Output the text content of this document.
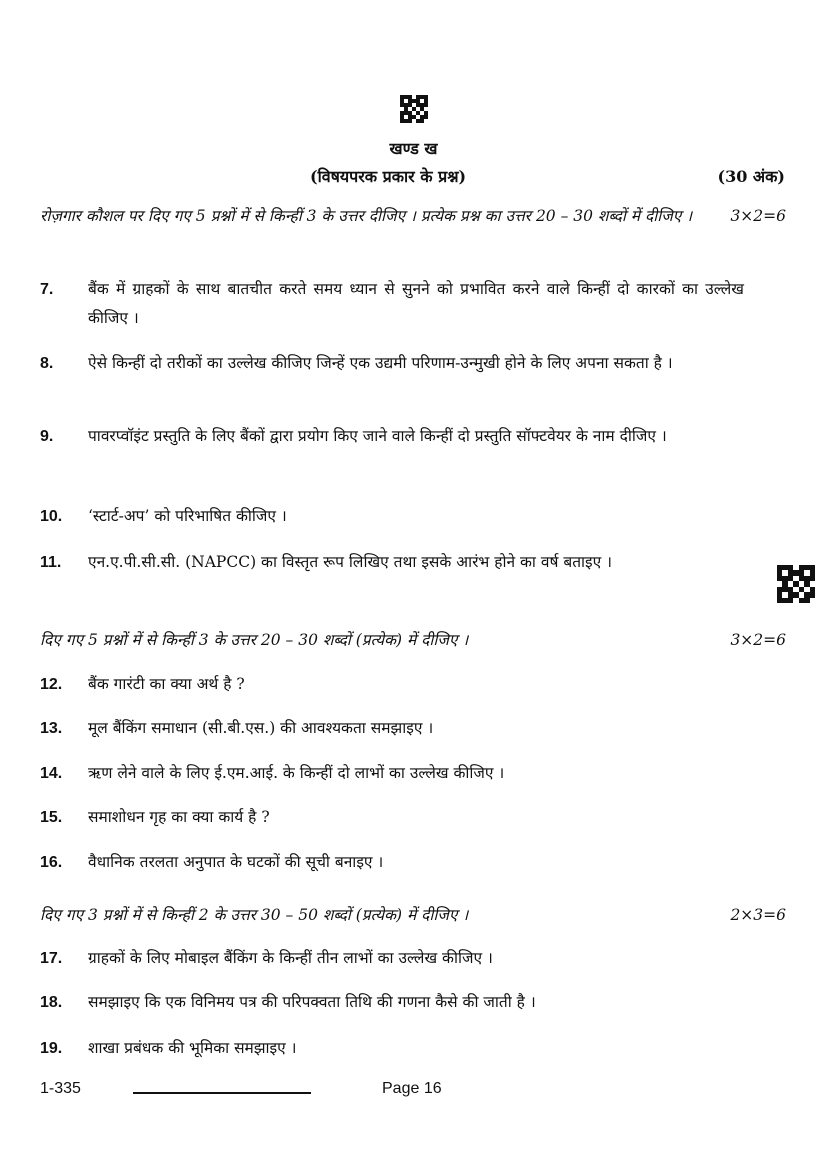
खण्ड ख
(विषयपरक प्रकार के प्रश्न)	(30 अंक)
रोज़गार कौशल पर दिए गए 5 प्रश्नों में से किन्हीं 3 के उत्तर दीजिए । प्रत्येक प्रश्न का उत्तर 20 – 30 शब्दों में दीजिए ।	3×2=6
7. बैंक में ग्राहकों के साथ बातचीत करते समय ध्यान से सुनने को प्रभावित करने वाले किन्हीं दो कारकों का उल्लेख कीजिए ।
8. ऐसे किन्हीं दो तरीकों का उल्लेख कीजिए जिन्हें एक उद्यमी परिणाम-उन्मुखी होने के लिए अपना सकता है ।
9. पावरप्वॉइंट प्रस्तुति के लिए बैंकों द्वारा प्रयोग किए जाने वाले किन्हीं दो प्रस्तुति सॉफ्टवेयर के नाम दीजिए ।
10. ‘स्टार्ट-अप’ को परिभाषित कीजिए ।
11. एन.ए.पी.सी.सी. (NAPCC) का विस्तृत रूप लिखिए तथा इसके आरंभ होने का वर्ष बताइए ।
दिए गए 5 प्रश्नों में से किन्हीं 3 के उत्तर 20 – 30 शब्दों (प्रत्येक) में दीजिए ।	3×2=6
12. बैंक गारंटी का क्या अर्थ है ?
13. मूल बैंकिंग समाधान (सी.बी.एस.) की आवश्यकता समझाइए ।
14. ऋण लेने वाले के लिए ई.एम.आई. के किन्हीं दो लाभों का उल्लेख कीजिए ।
15. समाशोधन गृह का क्या कार्य है ?
16. वैधानिक तरलता अनुपात के घटकों की सूची बनाइए ।
दिए गए 3 प्रश्नों में से किन्हीं 2 के उत्तर 30 – 50 शब्दों (प्रत्येक) में दीजिए ।	2×3=6
17. ग्राहकों के लिए मोबाइल बैंकिंग के किन्हीं तीन लाभों का उल्लेख कीजिए ।
18. समझाइए कि एक विनिमय पत्र की परिपक्वता तिथि की गणना कैसे की जाती है ।
19. शाखा प्रबंधक की भूमिका समझाइए ।
1-335	Page 16
